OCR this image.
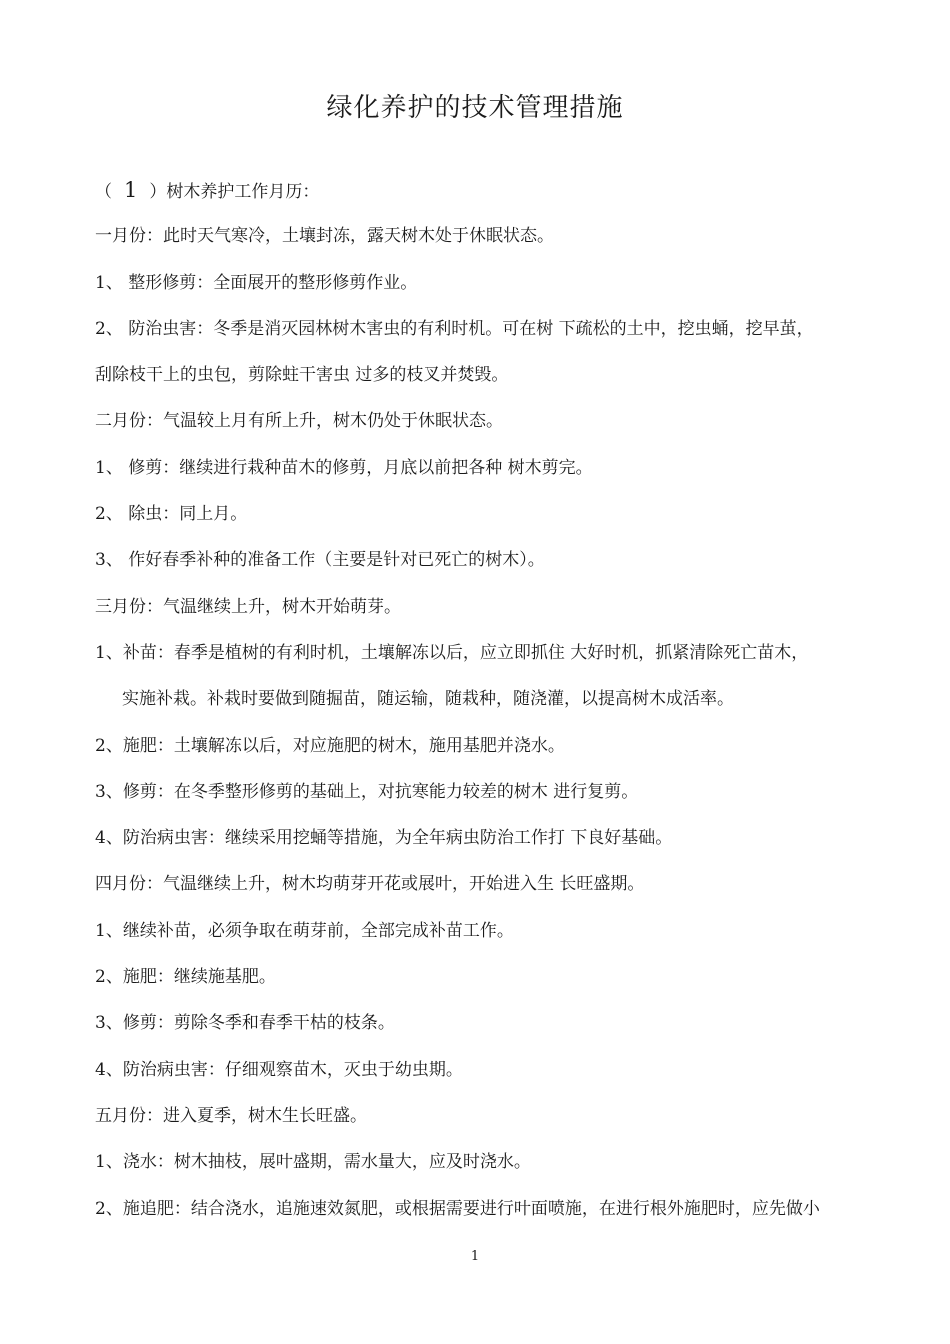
绿化养护的技术管理措施
（ 1 ）树木养护工作月历：
一月份：此时天气寒冷，土壤封冻，露天树木处于休眠状态。
1、 整形修剪：全面展开的整形修剪作业。
2、 防治虫害：冬季是消灭园林树木害虫的有利时机。可在树 下疏松的土中，挖虫蛹，挖早茧，
刮除枝干上的虫包，剪除蛀干害虫 过多的枝叉并焚毁。
二月份：气温较上月有所上升，树木仍处于休眠状态。
1、 修剪：继续进行栽种苗木的修剪，月底以前把各种 树木剪完。
2、 除虫：同上月。
3、 作好春季补种的准备工作（主要是针对已死亡的树木）。
三月份：气温继续上升，树木开始萌芽。
1、补苗：春季是植树的有利时机，土壤解冻以后，应立即抓住 大好时机，抓紧清除死亡苗木，
实施补栽。补栽时要做到随掘苗，随运输，随栽种，随浇灌，以提高树木成活率。
2、施肥：土壤解冻以后，对应施肥的树木，施用基肥并浇水。
3、修剪：在冬季整形修剪的基础上，对抗寒能力较差的树木 进行复剪。
4、防治病虫害：继续采用挖蛹等措施，为全年病虫防治工作打 下良好基础。
四月份：气温继续上升，树木均萌芽开花或展叶，开始进入生 长旺盛期。
1、继续补苗，必须争取在萌芽前，全部完成补苗工作。
2、施肥：继续施基肥。
3、修剪：剪除冬季和春季干枯的枝条。
4、防治病虫害：仔细观察苗木，灭虫于幼虫期。
五月份：进入夏季，树木生长旺盛。
1、浇水：树木抽枝，展叶盛期，需水量大，应及时浇水。
2、施追肥：结合浇水，追施速效氮肥，或根据需要进行叶面喷施，在进行根外施肥时，应先做小
1
